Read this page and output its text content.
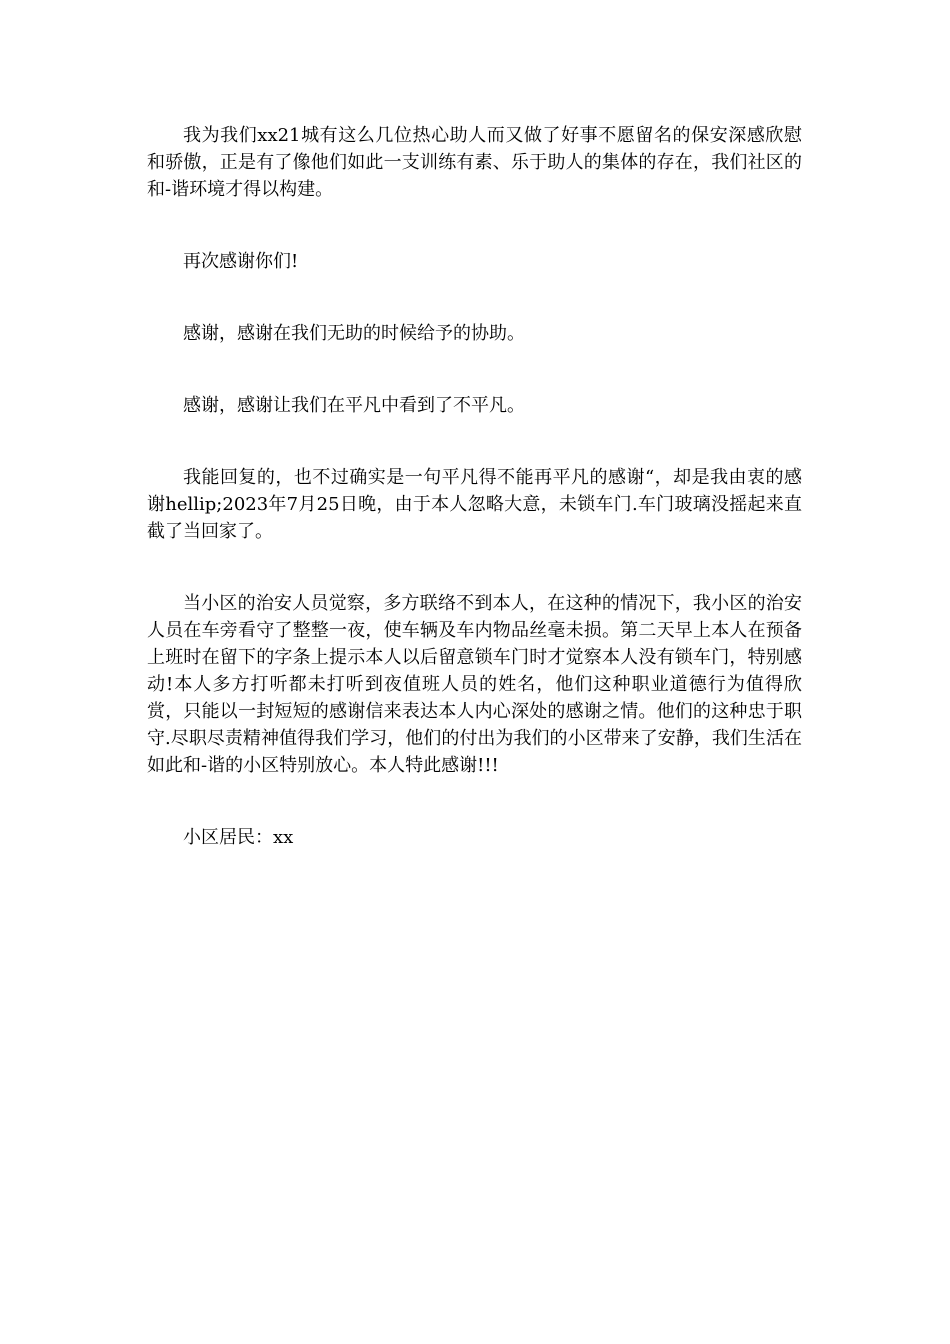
我为我们xx21城有这么几位热心助人而又做了好事不愿留名的保安深感欣慰和骄傲，正是有了像他们如此一支训练有素、乐于助人的集体的存在，我们社区的和-谐环境才得以构建。

再次感谢你们!

感谢，感谢在我们无助的时候给予的协助。

感谢，感谢让我们在平凡中看到了不平凡。

我能回复的，也不过确实是一句平凡得不能再平凡的感谢“，却是我由衷的感谢hellip;2023年7月25日晚，由于本人忽略大意，未锁车门.车门玻璃没摇起来直截了当回家了。

当小区的治安人员觉察，多方联络不到本人，在这种的情况下，我小区的治安人员在车旁看守了整整一夜，使车辆及车内物品丝毫未损。第二天早上本人在预备上班时在留下的字条上提示本人以后留意锁车门时才觉察本人没有锁车门，特别感动!本人多方打听都未打听到夜值班人员的姓名，他们这种职业道德行为值得欣赏，只能以一封短短的感谢信来表达本人内心深处的感谢之情。他们的这种忠于职守.尽职尽责精神值得我们学习，他们的付出为我们的小区带来了安静，我们生活在如此和-谐的小区特别放心。本人特此感谢!!!

小区居民：xx
